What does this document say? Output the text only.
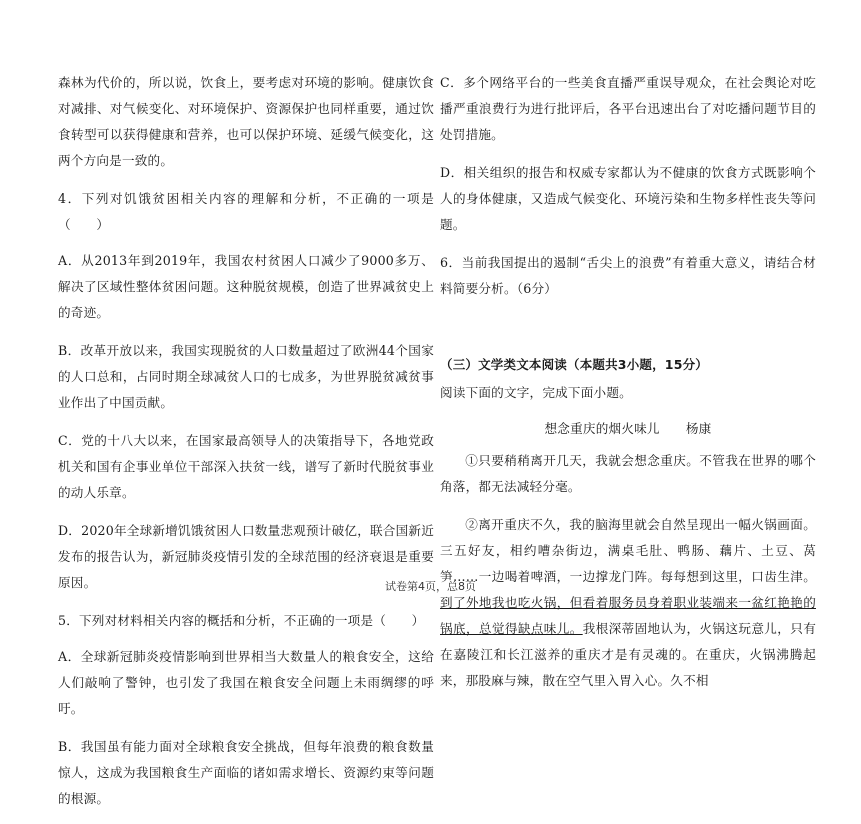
森林为代价的，所以说，饮食上，要考虑对环境的影响。健康饮食对减排、对气候变化、对环境保护、资源保护也同样重要，通过饮食转型可以获得健康和营养，也可以保护环境、延缓气候变化，这两个方向是一致的。

4．下列对饥饿贫困相关内容的理解和分析，不正确的一项是（　　）

A．从2013年到2019年，我国农村贫困人口减少了9000多万、解决了区域性整体贫困问题。这种脱贫规模，创造了世界减贫史上的奇迹。

B．改革开放以来，我国实现脱贫的人口数量超过了欧洲44个国家的人口总和，占同时期全球减贫人口的七成多，为世界脱贫减贫事业作出了中国贡献。

C．党的十八大以来，在国家最高领导人的决策指导下，各地党政机关和国有企事业单位干部深入扶贫一线，谱写了新时代脱贫事业的动人乐章。

D．2020年全球新增饥饿贫困人口数量悲观预计破亿，联合国新近发布的报告认为，新冠肺炎疫情引发的全球范围的经济衰退是重要原因。

5．下列对材料相关内容的概括和分析，不正确的一项是（　　）

A．全球新冠肺炎疫情影响到世界相当大数量人的粮食安全，这给人们敲响了警钟，也引发了我国在粮食安全问题上未雨绸缪的呼吁。

B．我国虽有能力面对全球粮食安全挑战，但每年浪费的粮食数量惊人，这成为我国粮食生产面临的诸如需求增长、资源约束等问题的根源。

C．多个网络平台的一些美食直播严重误导观众，在社会舆论对吃播严重浪费行为进行批评后，各平台迅速出台了对吃播问题节目的处罚措施。

D．相关组织的报告和权威专家都认为不健康的饮食方式既影响个人的身体健康，又造成气候变化、环境污染和生物多样性丧失等问题。

6．当前我国提出的遏制“舌尖上的浪费”有着重大意义，请结合材料简要分析。（6分）

（三）文学类文本阅读（本题共3小题，15分）

阅读下面的文字，完成下面小题。

想念重庆的烟火味儿 杨康

①只要稍稍离开几天，我就会想念重庆。不管我在世界的哪个角落，都无法减轻分毫。

②离开重庆不久，我的脑海里就会自然呈现出一幅火锅画面。三五好友，相约嘈杂街边，满桌毛肚、鸭肠、藕片、土豆、莴笋……一边喝着啤酒，一边撑龙门阵。每每想到这里，口齿生津。到了外地我也吃火锅，但看着服务员身着职业装端来一盆红艳艳的锅底，总觉得缺点味儿。我根深蒂固地认为，火锅这玩意儿，只有在嘉陵江和长江滋养的重庆才是有灵魂的。在重庆，火锅沸腾起来，那股麻与辣，散在空气里入胃入心。久不相

试卷第4页，总8页
